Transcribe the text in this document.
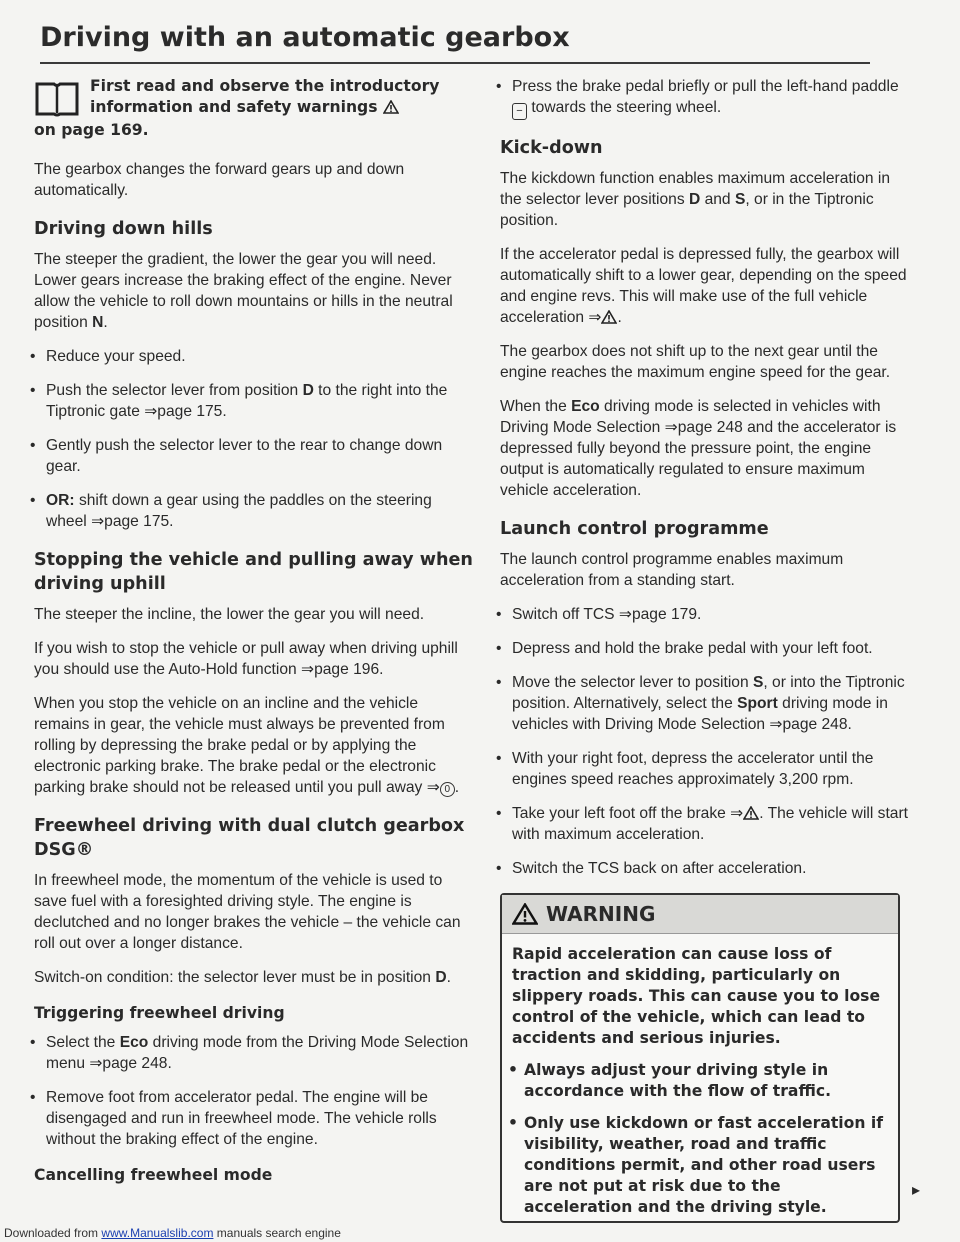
Driving with an automatic gearbox
First read and observe the introductory information and safety warnings
on page 169.

The gearbox changes the forward gears up and down automatically.

Driving down hills

The steeper the gradient, the lower the gear you will need. Lower gears increase the braking effect of the engine. Never allow the vehicle to roll down mountains or hills in the neutral position N.

• Reduce your speed.

• Push the selector lever from position D to the right into the Tiptronic gate ⇒page 175.

• Gently push the selector lever to the rear to change down gear.

• OR: shift down a gear using the paddles on the steering wheel ⇒page 175.

Stopping the vehicle and pulling away when driving uphill

The steeper the incline, the lower the gear you will need.

If you wish to stop the vehicle or pull away when driving uphill you should use the Auto-Hold function ⇒page 196.

When you stop the vehicle on an incline and the vehicle remains in gear, the vehicle must always be prevented from rolling by depressing the brake pedal or by applying the electronic parking brake. The brake pedal or the electronic parking brake should not be released until you pull away ⇒ 0 .

Freewheel driving with dual clutch gearbox DSG®

In freewheel mode, the momentum of the vehicle is used to save fuel with a foresighted driving style. The engine is declutched and no longer brakes the vehicle – the vehicle can roll out over a longer distance.

Switch-on condition: the selector lever must be in position D.

Triggering freewheel driving

• Select the Eco driving mode from the Driving Mode Selection menu ⇒page 248.

• Remove foot from accelerator pedal. The engine will be disengaged and run in freewheel mode. The vehicle rolls without the braking effect of the engine.

Cancelling freewheel mode

• Press the brake pedal briefly or pull the left-hand paddle − towards the steering wheel.

Kick-down

The kickdown function enables maximum acceleration in the selector lever positions D and S, or in the Tiptronic position.

If the accelerator pedal is depressed fully, the gearbox will automatically shift to a lower gear, depending on the speed and engine revs. This will make use of the full vehicle acceleration ⇒ .

The gearbox does not shift up to the next gear until the engine reaches the maximum engine speed for the gear.

When the Eco driving mode is selected in vehicles with Driving Mode Selection ⇒page 248 and the accelerator is depressed fully beyond the pressure point, the engine output is automatically regulated to ensure maximum vehicle acceleration.

Launch control programme

The launch control programme enables maximum acceleration from a standing start.

• Switch off TCS ⇒page 179.

• Depress and hold the brake pedal with your left foot.

• Move the selector lever to position S, or into the Tiptronic position. Alternatively, select the Sport driving mode in vehicles with Driving Mode Selection ⇒page 248.

• With your right foot, depress the accelerator until the engines speed reaches approximately 3,200 rpm.

• Take your left foot off the brake ⇒ . The vehicle will start with maximum acceleration.

• Switch the TCS back on after acceleration.

WARNING

Rapid acceleration can cause loss of traction and skidding, particularly on slippery roads. This can cause you to lose control of the vehicle, which can lead to accidents and serious injuries.

• Always adjust your driving style in accordance with the flow of traffic.

• Only use kickdown or fast acceleration if visibility, weather, road and traffic conditions permit, and other road users are not put at risk due to the acceleration and the driving style.

▸
Downloaded from www.Manualslib.com manuals search engine
